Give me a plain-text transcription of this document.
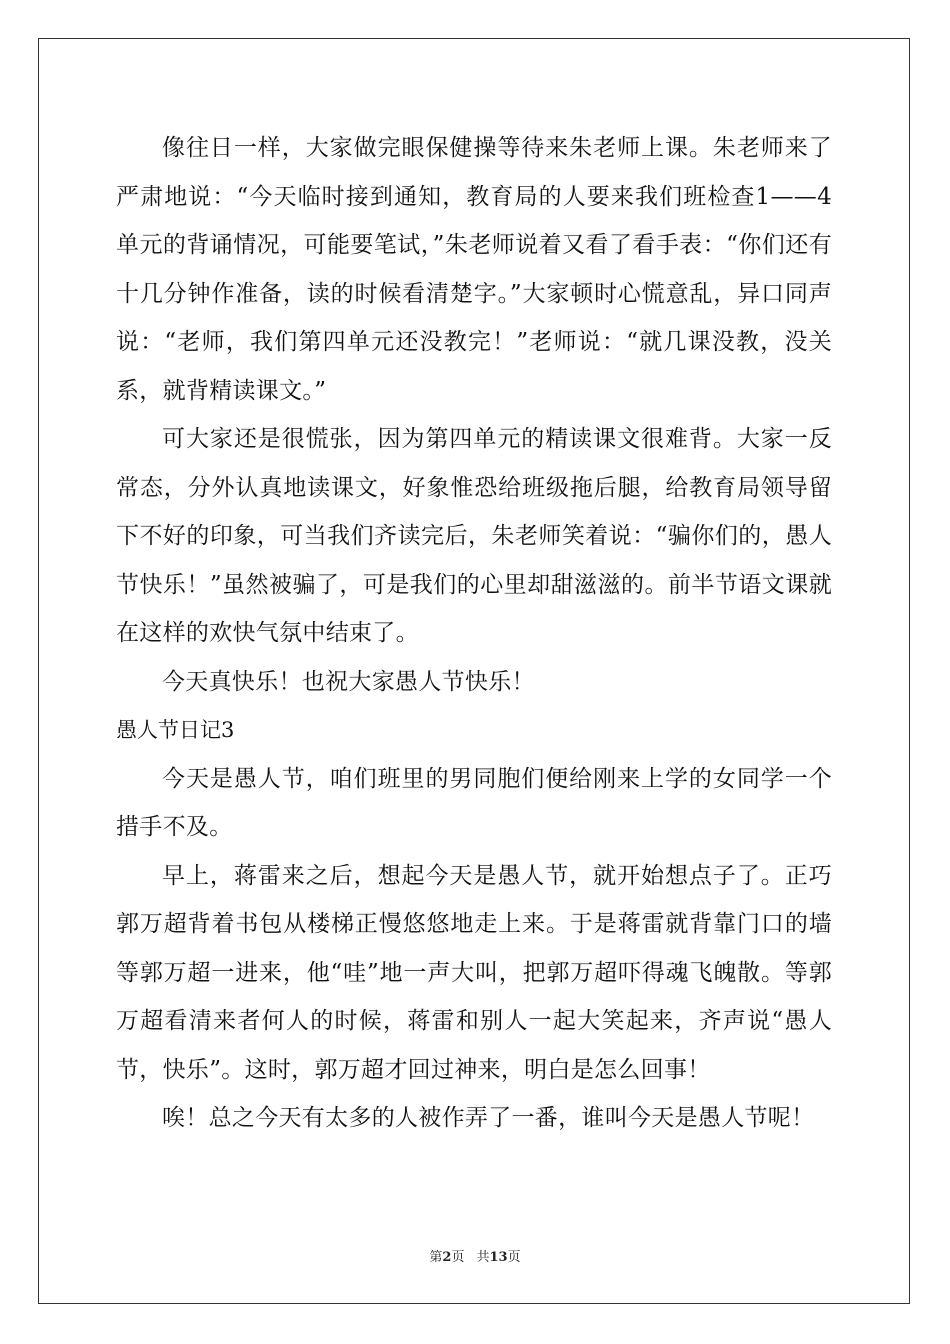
像往日一样，大家做完眼保健操等待来朱老师上课。朱老师来了严肃地说：“今天临时接到通知，教育局的人要来我们班检查1——4单元的背诵情况，可能要笔试，”朱老师说着又看了看手表：“你们还有十几分钟作准备，读的时候看清楚字。”大家顿时心慌意乱，异口同声说：“老师，我们第四单元还没教完！”老师说：“就几课没教，没关系，就背精读课文。”

可大家还是很慌张，因为第四单元的精读课文很难背。大家一反常态，分外认真地读课文，好象惟恐给班级拖后腿，给教育局领导留下不好的印象，可当我们齐读完后，朱老师笑着说：“骗你们的，愚人节快乐！”虽然被骗了，可是我们的心里却甜滋滋的。前半节语文课就在这样的欢快气氛中结束了。

今天真快乐！也祝大家愚人节快乐！

愚人节日记3

今天是愚人节，咱们班里的男同胞们便给刚来上学的女同学一个措手不及。

早上，蒋雷来之后，想起今天是愚人节，就开始想点子了。正巧郭万超背着书包从楼梯正慢悠悠地走上来。于是蒋雷就背靠门口的墙等郭万超一进来，他“哇”地一声大叫，把郭万超吓得魂飞魄散。等郭万超看清来者何人的时候，蒋雷和别人一起大笑起来，齐声说“愚人节，快乐”。这时，郭万超才回过神来，明白是怎么回事！

唉！总之今天有太多的人被作弄了一番，谁叫今天是愚人节呢！

第2页 共13页
